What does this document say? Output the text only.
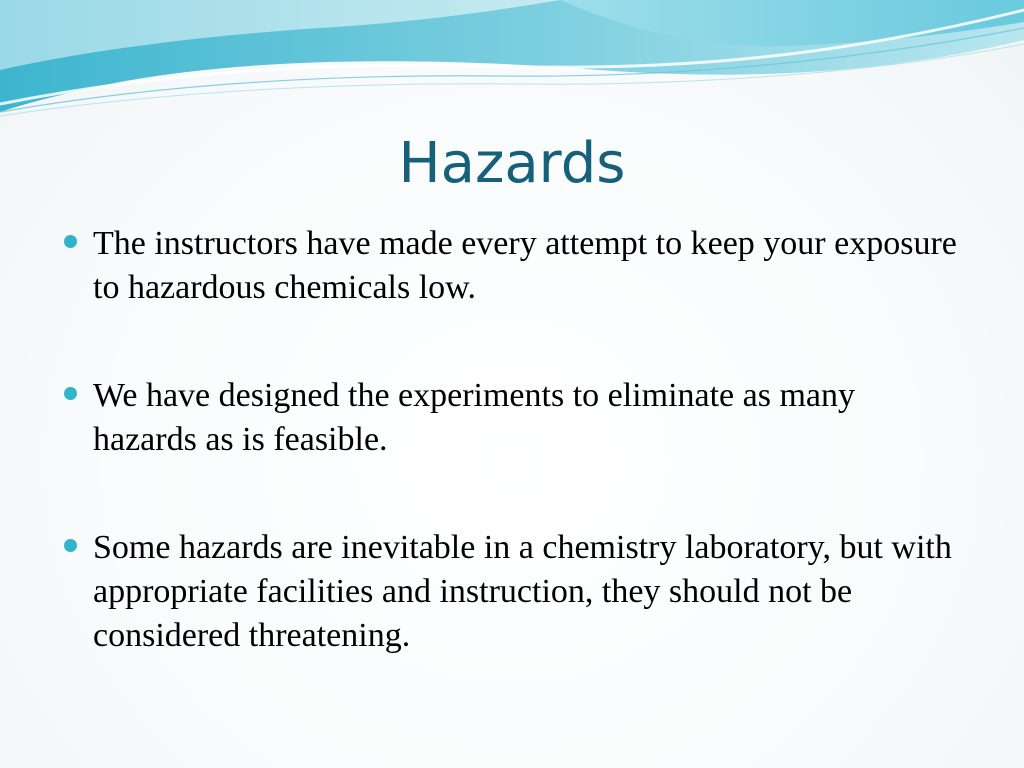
Hazards
The instructors have made every attempt to keep your exposure to hazardous chemicals low.
We have designed the experiments to eliminate as many hazards as is feasible.
Some hazards are inevitable in a chemistry laboratory, but with appropriate facilities and instruction, they should not be considered threatening.
